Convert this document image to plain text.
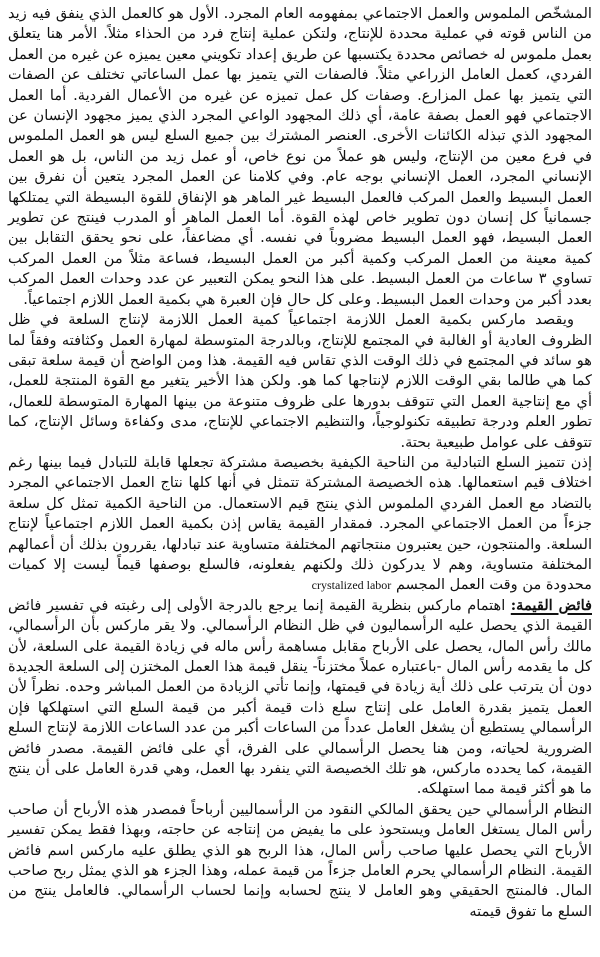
المشخّص الملموس والعمل الاجتماعي بمفهومه العام المجرد. الأول هو كالعمل الذي ينفق فيه زيد من الناس قوته في عملية محددة للإنتاج، ولتكن عملية إنتاج فرد من الحذاء مثلاً. الأمر هنا يتعلق بعمل ملموس له خصائص محددة يكتسبها عن طريق إعداد تكويني معين يميزه عن غيره من العمل الفردي، كعمل العامل الزراعي مثلاً. فالصفات التي يتميز بها عمل الساعاتي تختلف عن الصفات التي يتميز بها عمل المزارع. وصفات كل عمل تميزه عن غيره من الأعمال الفردية. أما العمل الاجتماعي فهو العمل بصفة عامة، أي ذلك المجهود الواعي المجرد الذي يميز مجهود الإنسان عن المجهود الذي تبذله الكائنات الأخرى. العنصر المشترك بين جميع السلع ليس هو العمل الملموس في فرع معين من الإنتاج، وليس هو عملاً من نوع خاص، أو عمل زيد من الناس، بل هو العمل الإنساني المجرد، العمل الإنساني بوجه عام. وفي كلامنا عن العمل المجرد يتعين أن نفرق بين العمل البسيط والعمل المركب فالعمل البسيط غير الماهر هو الإنفاق للقوة البسيطة التي يمتلكها جسمانياً كل إنسان دون تطوير خاص لهذه القوة. أما العمل الماهر أو المدرب فينتج عن تطوير العمل البسيط، فهو العمل البسيط مضروباً في نفسه. أي مضاعفاً، على نحو يحقق التقابل بين كمية معينة من العمل المركب وكمية أكبر من العمل البسيط، فساعة مثلاً من العمل المركب تساوي ٣ ساعات من العمل البسيط. على هذا النحو يمكن التعبير عن عدد وحدات العمل المركب بعدد أكبر من وحدات العمل البسيط. وعلى كل حال فإن العبرة هي بكمية العمل اللازم اجتماعياً.

ويقصد ماركس بكمية العمل اللازمة اجتماعياً كمية العمل اللازمة لإنتاج السلعة في ظل الظروف العادية أو الغالبة في المجتمع للإنتاج، وبالدرجة المتوسطة لمهارة العمل وكثافته وفقاً لما هو سائد في المجتمع في ذلك الوقت الذي تقاس فيه القيمة. هذا ومن الواضح أن قيمة سلعة تبقى كما هي طالما بقي الوقت اللازم لإنتاجها كما هو. ولكن هذا الأخير يتغير مع القوة المنتجة للعمل، أي مع إنتاجية العمل التي تتوقف بدورها على ظروف متنوعة من بينها المهارة المتوسطة للعمال، تطور العلم ودرجة تطبيقه تكنولوجياً، والتنظيم الاجتماعي للإنتاج، مدى وكفاءة وسائل الإنتاج، كما تتوقف على عوامل طبيعية بحتة.

إذن تتميز السلع التبادلية من الناحية الكيفية بخصيصة مشتركة تجعلها قابلة للتبادل فيما بينها رغم اختلاف قيم استعمالها. هذه الخصيصة المشتركة تتمثل في أنها كلها نتاج العمل الاجتماعي المجرد بالتضاد مع العمل الفردي الملموس الذي ينتج قيم الاستعمال. من الناحية الكمية تمثل كل سلعة جزءاً من العمل الاجتماعي المجرد. فمقدار القيمة يقاس إذن بكمية العمل اللازم اجتماعياً لإنتاج السلعة. والمنتجون، حين يعتبرون منتجاتهم المختلفة متساوية عند تبادلها، يقررون بذلك أن أعمالهم المختلفة متساوية، وهم لا يدركون ذلك ولكنهم يفعلونه، فالسلع بوصفها قيماً ليست إلا كميات محدودة من وقت العمل المجسم crystalized labor

فائض القيمة: اهتمام ماركس بنظرية القيمة إنما يرجع بالدرجة الأولى إلى رغبته في تفسير فائض القيمة الذي يحصل عليه الرأسماليون في ظل النظام الرأسمالي. ولا يقر ماركس بأن الرأسمالي، مالك رأس المال، يحصل على الأرباح مقابل مساهمة رأس ماله في زيادة القيمة على السلعة، لأن كل ما يقدمه رأس المال -باعتباره عملاً مختزناً- ينقل قيمة هذا العمل المختزن إلى السلعة الجديدة دون أن يترتب على ذلك أية زيادة في قيمتها، وإنما تأتي الزيادة من العمل المباشر وحده. نظراً لأن العمل يتميز بقدرة العامل على إنتاج سلع ذات قيمة أكبر من قيمة السلع التي استهلكها فإن الرأسمالي يستطيع أن يشغل العامل عدداً من الساعات أكبر من عدد الساعات اللازمة لإنتاج السلع الضرورية لحياته، ومن هنا يحصل الرأسمالي على الفرق، أي على فائض القيمة. مصدر فائض القيمة، كما يحدده ماركس، هو تلك الخصيصة التي ينفرد بها العمل، وهي قدرة العامل على أن ينتج ما هو أكثر قيمة مما استهلكه.

النظام الرأسمالي حين يحقق المالكي النقود من الرأسماليين أرباحاً فمصدر هذه الأرباح أن صاحب رأس المال يستغل العامل ويستحوذ على ما يفيض من إنتاجه عن حاجته، وبهذا فقط يمكن تفسير الأرباح التي يحصل عليها صاحب رأس المال، هذا الربح هو الذي يطلق عليه ماركس اسم فائض القيمة. النظام الرأسمالي يحرم العامل جزءاً من قيمة عمله، وهذا الجزء هو الذي يمثل ربح صاحب المال. فالمنتج الحقيقي وهو العامل لا ينتج لحسابه وإنما لحساب الرأسمالي. فالعامل ينتج من السلع ما تفوق قيمته
